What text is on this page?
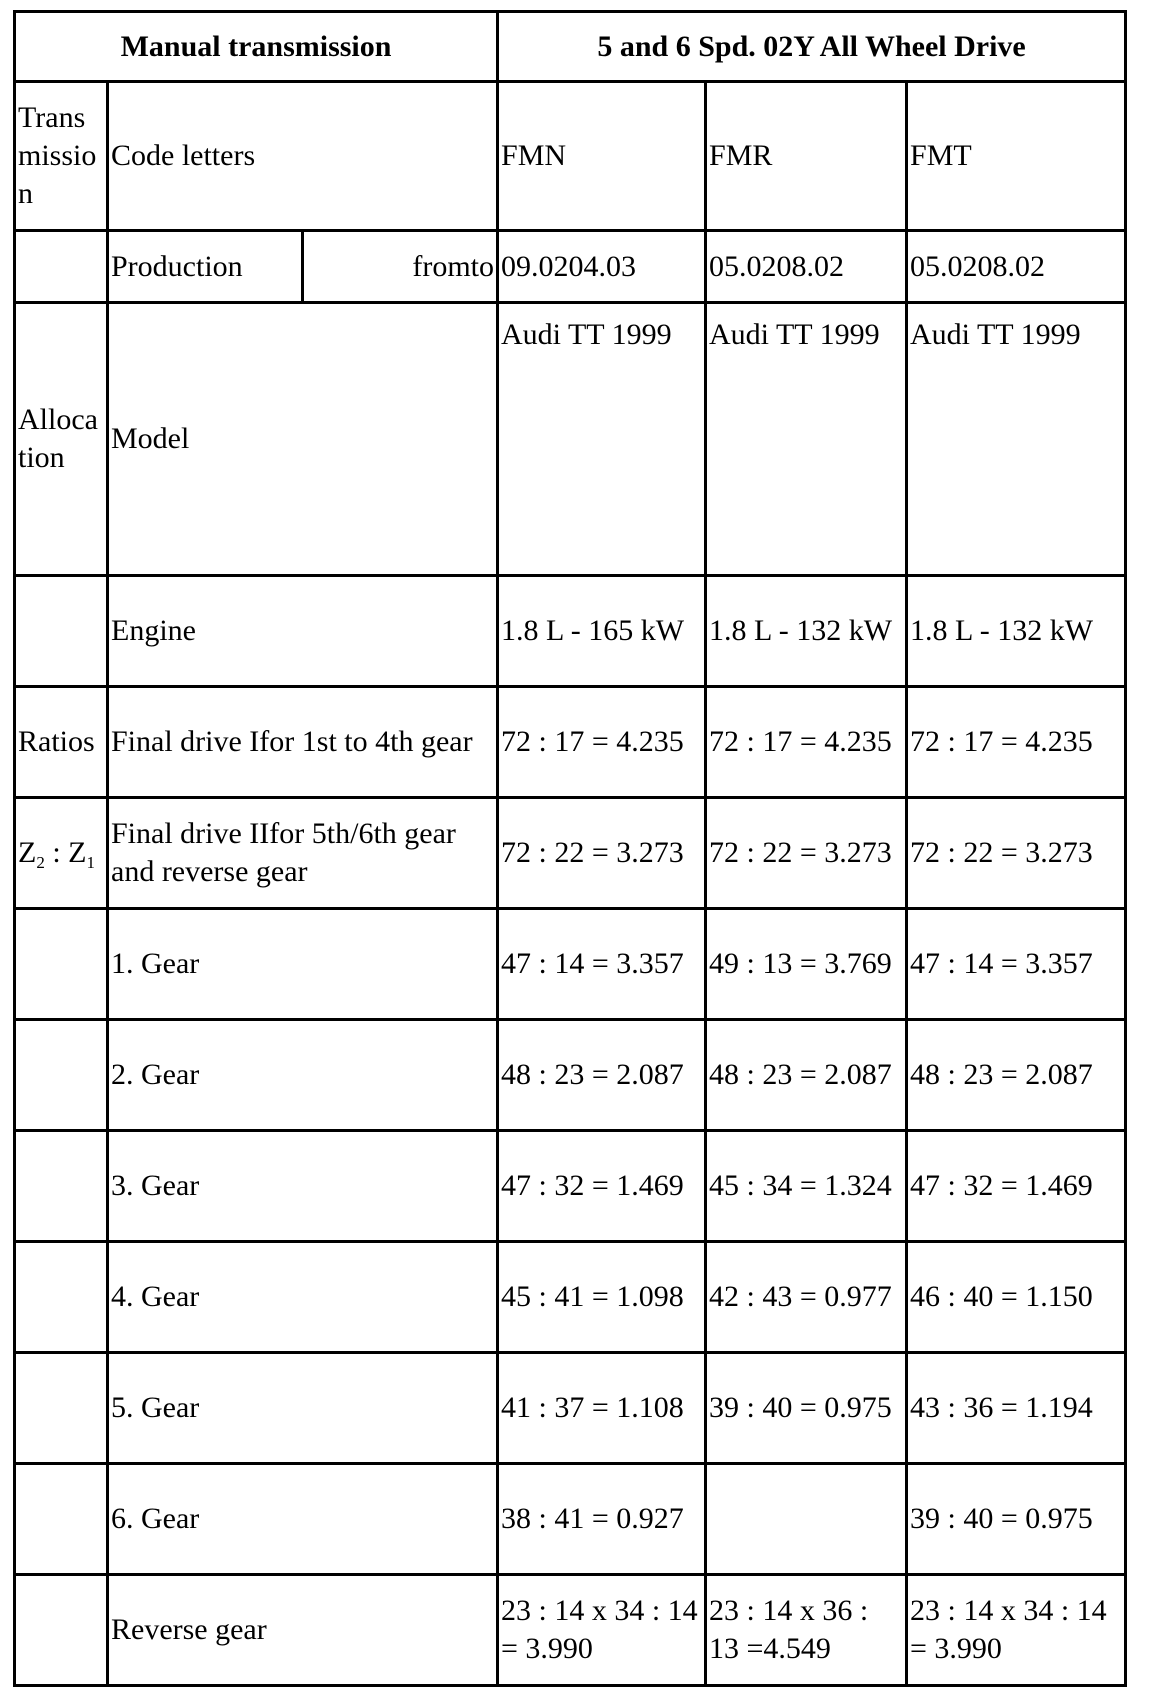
Manual transmission			5 and 6 Spd. 02Y All Wheel Drive		
Transmission	Code letters		FMN	FMR	FMT
	Production	fromto	09.0204.03	05.0208.02	05.0208.02
Allocation	Model		Audi TT 1999	Audi TT 1999	Audi TT 1999
	Engine		1.8 L - 165 kW	1.8 L - 132 kW	1.8 L - 132 kW
Ratios	Final drive Ifor 1st to 4th gear		72 : 17 = 4.235	72 : 17 = 4.235	72 : 17 = 4.235
$Z_2$ : $Z_1$	Final drive IIfor 5th/6th gear and reverse gear		72 : 22 = 3.273	72 : 22 = 3.273	72 : 22 = 3.273
	1. Gear		47 : 14 = 3.357	49 : 13 = 3.769	47 : 14 = 3.357
	2. Gear		48 : 23 = 2.087	48 : 23 = 2.087	48 : 23 = 2.087
	3. Gear		47 : 32 = 1.469	45 : 34 = 1.324	47 : 32 = 1.469
	4. Gear		45 : 41 = 1.098	42 : 43 = 0.977	46 : 40 = 1.150
	5. Gear		41 : 37 = 1.108	39 : 40 = 0.975	43 : 36 = 1.194
	6. Gear		38 : 41 = 0.927		39 : 40 = 0.975
	Reverse gear		23 : 14 x 34 : 14 = 3.990	23 : 14 x 36 : 13 =4.549	23 : 14 x 34 : 14 = 3.990
